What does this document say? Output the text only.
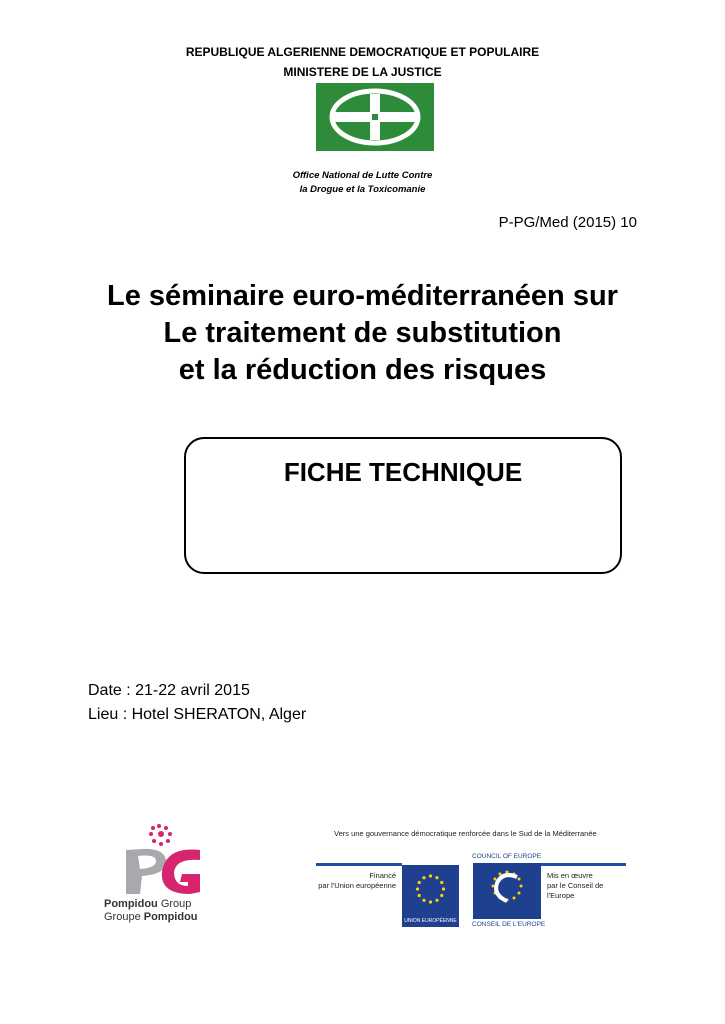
REPUBLIQUE ALGERIENNE DEMOCRATIQUE ET POPULAIRE
MINISTERE DE LA JUSTICE
Office National de Lutte Contre
la Drogue et la Toxicomanie
P-PG/Med (2015) 10
Le séminaire euro-méditerranéen sur
Le traitement de substitution
et la réduction des risques
FICHE TECHNIQUE
Date : 21-22 avril 2015
Lieu : Hotel SHERATON, Alger
Pompidou Group
Groupe Pompidou
Vers une gouvernance démocratique renforcée dans le Sud de la Méditerranée
Financé
par l'Union européenne
UNION EUROPÉENNE
COUNCIL OF EUROPE
CONSEIL DE L'EUROPE
Mis en œuvre
par le Conseil de l'Europe
